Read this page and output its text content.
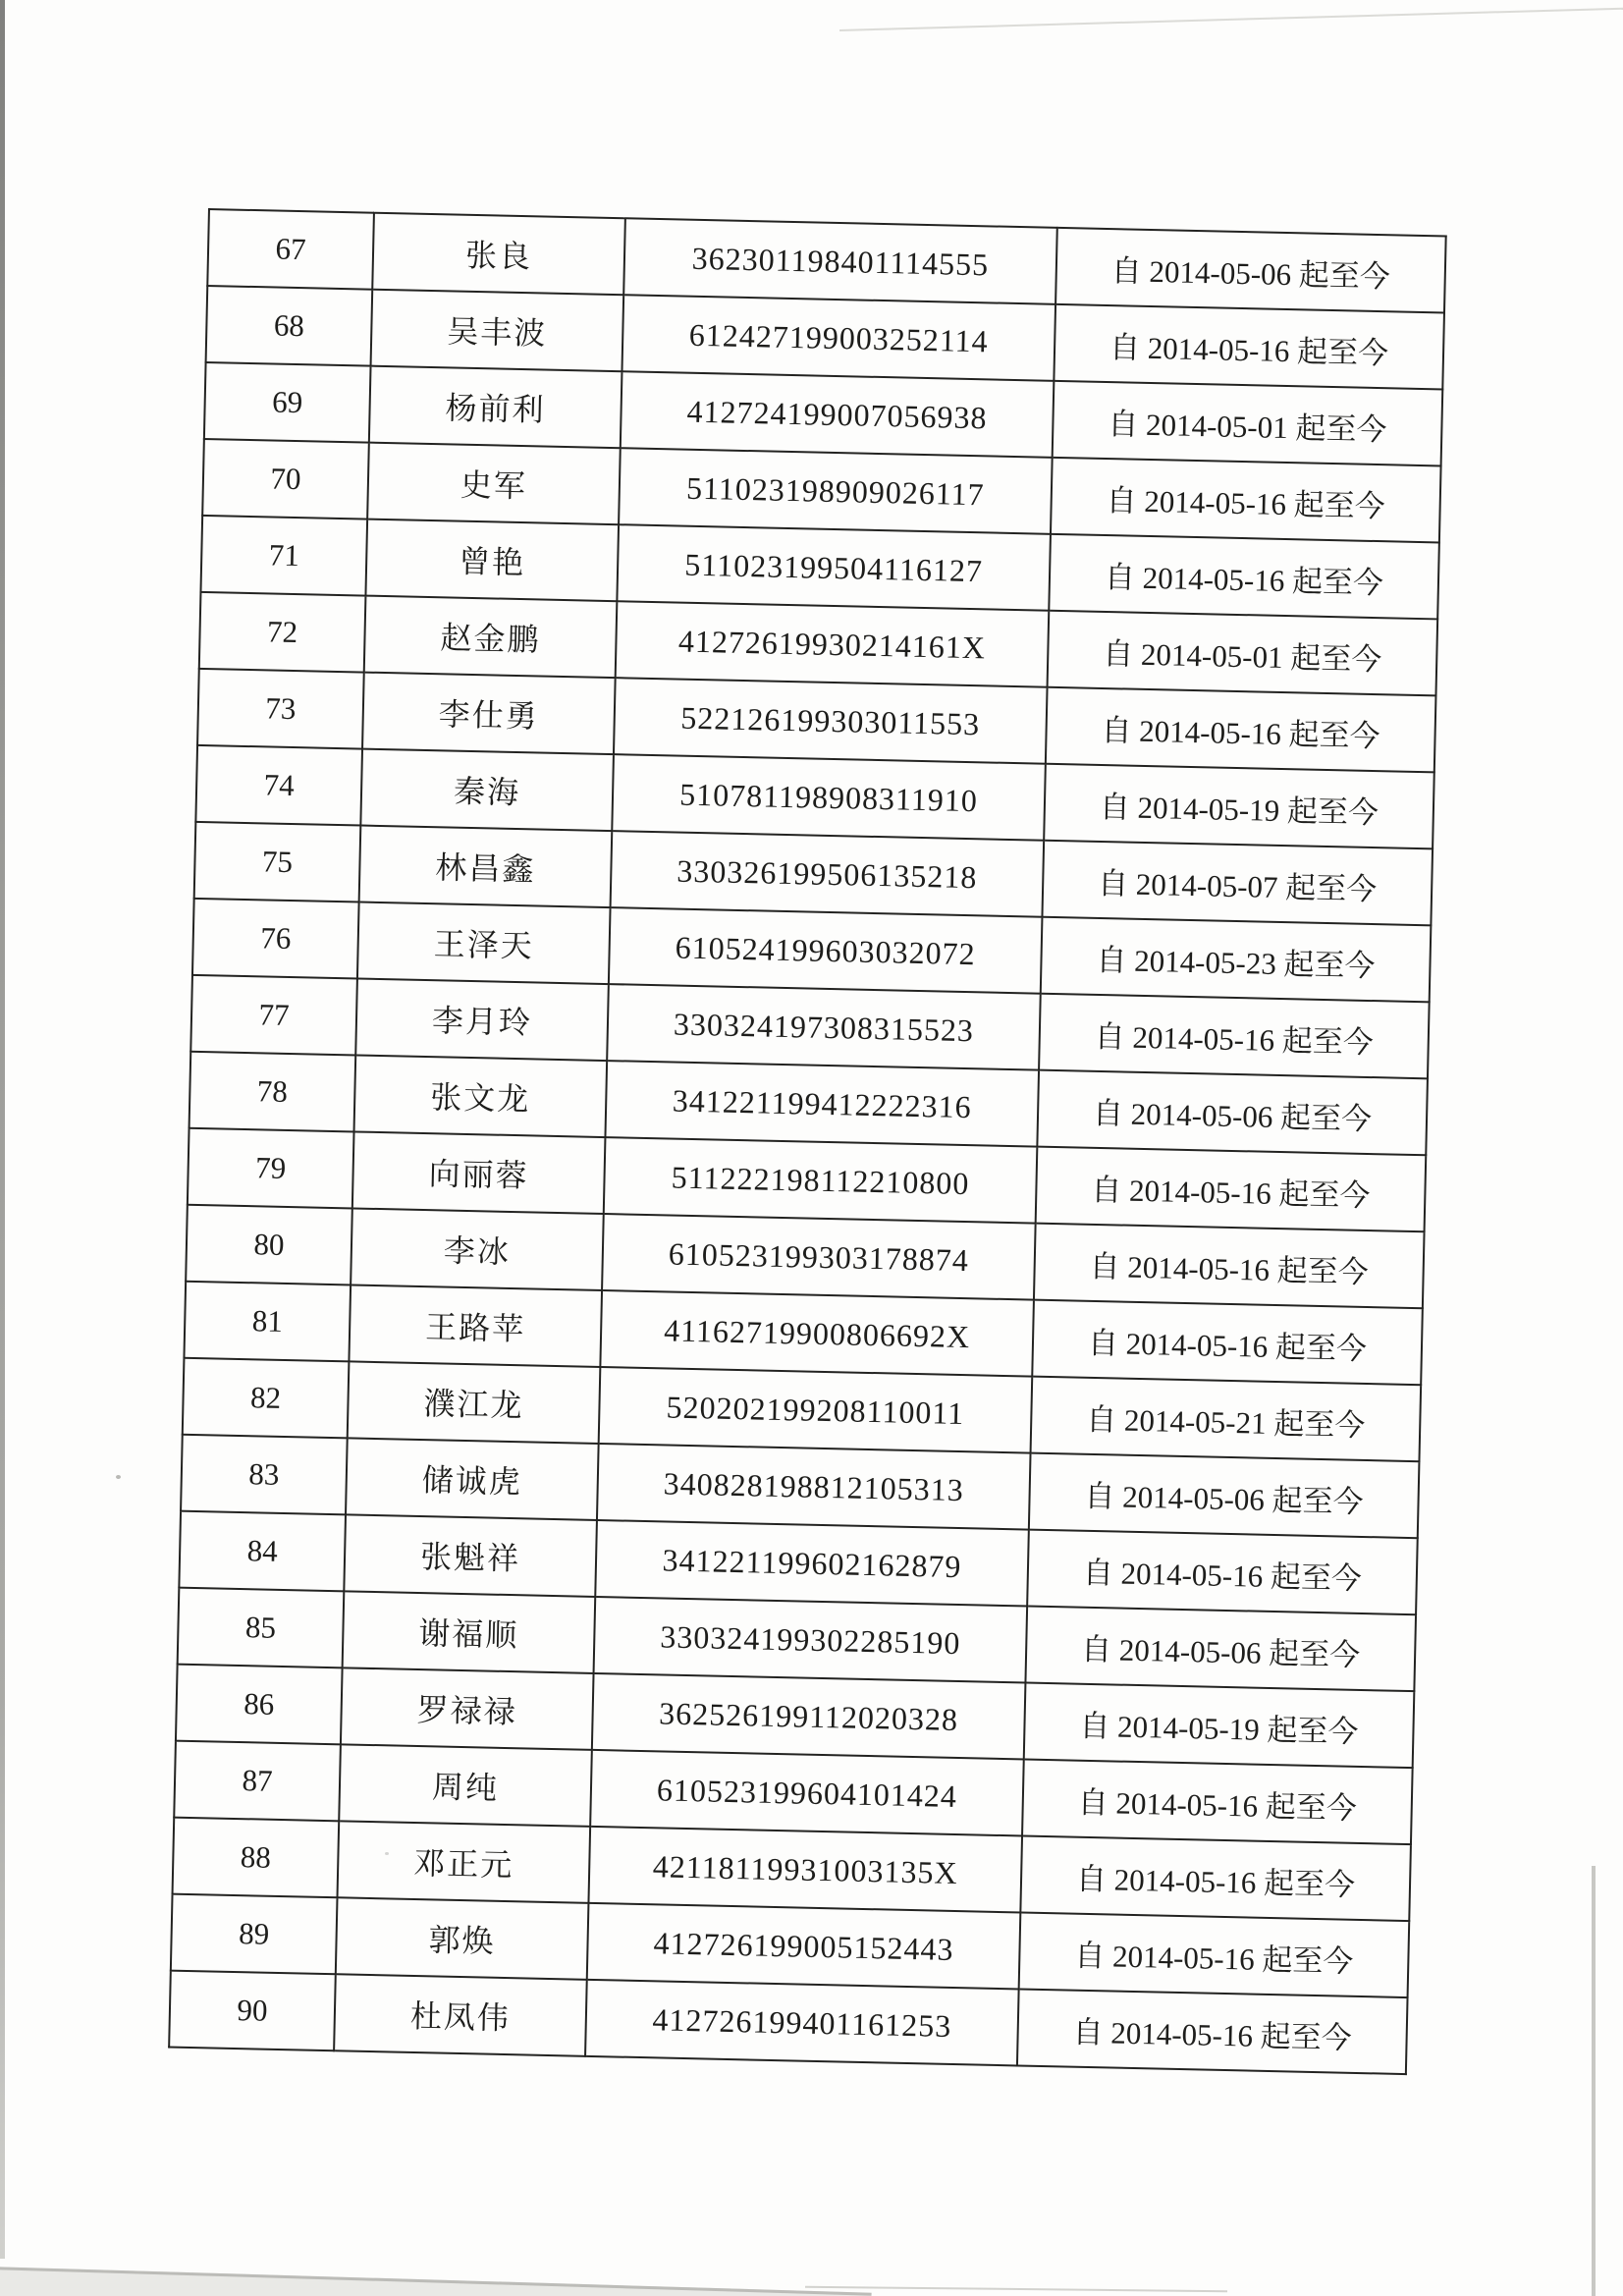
67	张良	362301198401114555	自 2014-05-06 起至今
68	吴丰波	612427199003252114	自 2014-05-16 起至今
69	杨前利	412724199007056938	自 2014-05-01 起至今
70	史军	511023198909026117	自 2014-05-16 起至今
71	曾艳	511023199504116127	自 2014-05-16 起至今
72	赵金鹏	41272619930214161X	自 2014-05-01 起至今
73	李仕勇	522126199303011553	自 2014-05-16 起至今
74	秦海	510781198908311910	自 2014-05-19 起至今
75	林昌鑫	330326199506135218	自 2014-05-07 起至今
76	王泽天	610524199603032072	自 2014-05-23 起至今
77	李月玲	330324197308315523	自 2014-05-16 起至今
78	张文龙	341221199412222316	自 2014-05-06 起至今
79	向丽蓉	511222198112210800	自 2014-05-16 起至今
80	李冰	610523199303178874	自 2014-05-16 起至今
81	王路苹	41162719900806692X	自 2014-05-16 起至今
82	濮江龙	520202199208110011	自 2014-05-21 起至今
83	储诚虎	340828198812105313	自 2014-05-06 起至今
84	张魁祥	341221199602162879	自 2014-05-16 起至今
85	谢福顺	330324199302285190	自 2014-05-06 起至今
86	罗禄禄	362526199112020328	自 2014-05-19 起至今
87	周纯	610523199604101424	自 2014-05-16 起至今
88	邓正元	42118119931003135X	自 2014-05-16 起至今
89	郭焕	412726199005152443	自 2014-05-16 起至今
90	杜凤伟	412726199401161253	自 2014-05-16 起至今
